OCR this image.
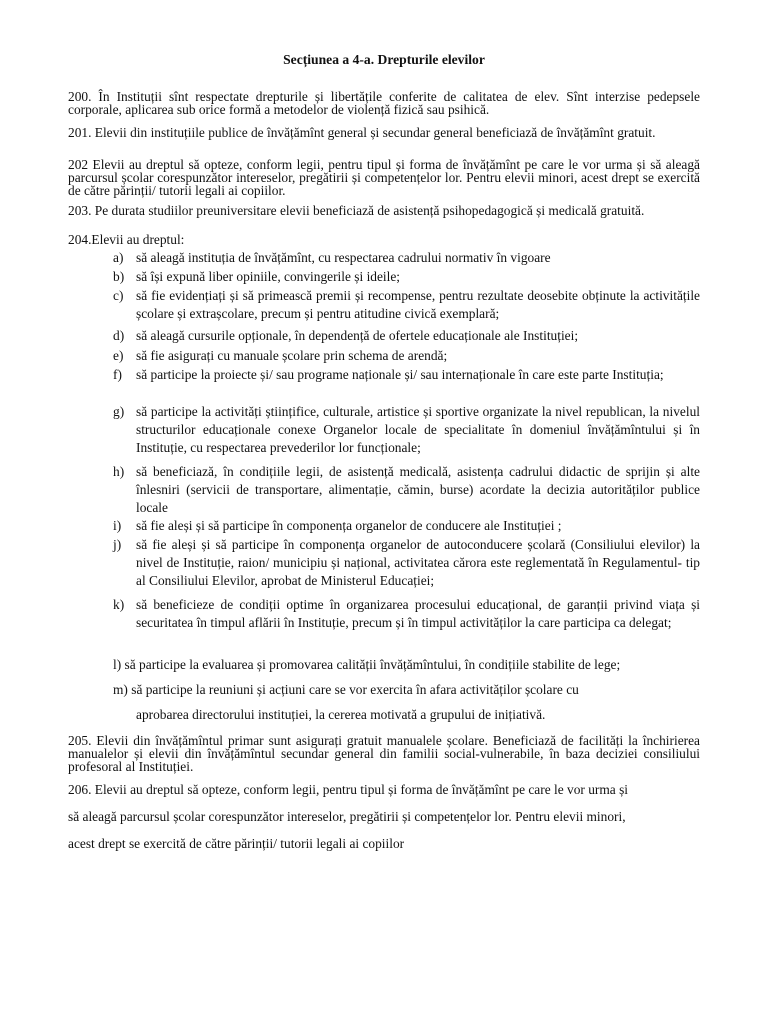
Secțiunea a 4-a. Drepturile elevilor

200. În Instituții sînt respectate drepturile și libertățile conferite de calitatea de elev. Sînt interzise pedepsele corporale, aplicarea sub orice formă a metodelor de violență fizică sau psihică.

201. Elevii din instituțiile publice de învățămînt general și secundar general beneficiază de învățămînt gratuit.

202 Elevii au dreptul să opteze, conform legii, pentru tipul și forma de învățămînt pe care le vor urma și să aleagă parcursul școlar corespunzător intereselor, pregătirii și competențelor lor. Pentru elevii minori, acest drept se exercită de către părinții/ tutorii legali ai copiilor.

203. Pe durata studiilor preuniversitare elevii beneficiază de asistență psihopedagogică și medicală gratuită.

204.Elevii au dreptul:

a) să aleagă instituția de învățămînt, cu respectarea cadrului normativ în vigoare
b) să își expună liber opiniile, convingerile și ideile;
c) să fie evidențiați și să primească premii și recompense, pentru rezultate deosebite obținute la activitățile școlare și extrașcolare, precum și pentru atitudine civică exemplară;
d) să aleagă cursurile opționale, în dependență de ofertele educaționale ale Instituției;
e) să fie asigurați cu manuale școlare prin schema de arendă;
f) să participe la proiecte și/ sau programe naționale și/ sau internaționale în care este parte Instituția;
g) să participe la activități științifice, culturale, artistice și sportive organizate la nivel republican, la nivelul structurilor educaționale conexe Organelor locale de specialitate în domeniul învățămîntului și în Instituție, cu respectarea prevederilor lor funcționale;
h) să beneficiază, în condițiile legii, de asistență medicală, asistența cadrului didactic de sprijin și alte înlesniri (servicii de transportare, alimentație, cămin, burse) acordate la decizia autorităților publice locale
i) să fie aleși și să participe în componența organelor de conducere ale Instituției ;
j) să fie aleși și să participe în componența organelor de autoconducere școlară (Consiliului elevilor) la nivel de Instituție, raion/ municipiu și național, activitatea cărora este reglementată în Regulamentul- tip al Consiliului Elevilor, aprobat de Ministerul Educației;
k) să beneficieze de condiții optime în organizarea procesului educațional, de garanții privind viața și securitatea în timpul aflării în Instituție, precum și în timpul activităților la care participa ca delegat;
l) să participe la evaluarea și promovarea calității învățămîntului, în condițiile stabilite de lege;
m) să participe la reuniuni și acțiuni care se vor exercita în afara activităților școlare cu

aprobarea directorului instituției, la cererea motivată a grupului de inițiativă.

205. Elevii din învățămîntul primar sunt asigurați gratuit manualele școlare. Beneficiază de facilități la închirierea manualelor și elevii din învățămîntul secundar general din familii social-vulnerabile, în baza deciziei consiliului profesoral al Instituției.

206. Elevii au dreptul să opteze, conform legii, pentru tipul și forma de învățămînt pe care le vor urma și

să aleagă parcursul școlar corespunzător intereselor, pregătirii și competențelor lor. Pentru elevii minori,

acest drept se exercită de către părinții/ tutorii legali ai copiilor
